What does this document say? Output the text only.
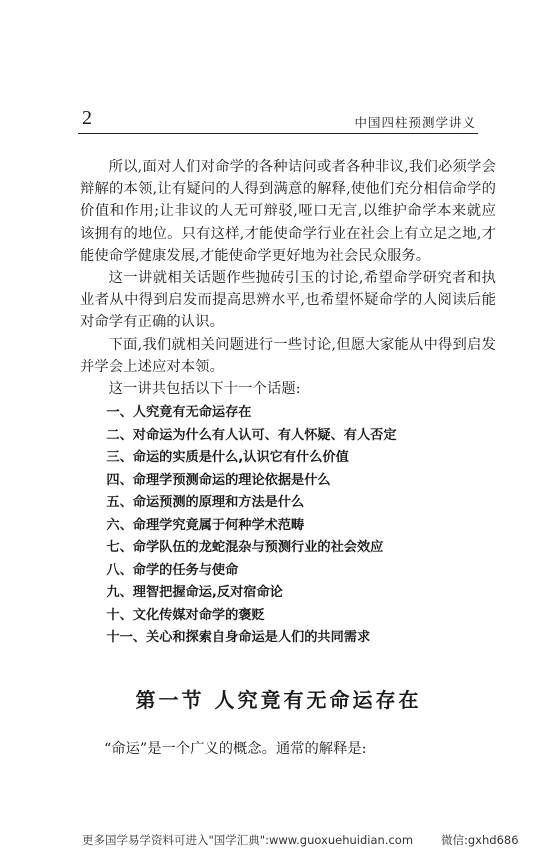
2	中国四柱预测学讲义

所以,面对人们对命学的各种诘问或者各种非议,我们必须学会辩解的本领,让有疑问的人得到满意的解释,使他们充分相信命学的价值和作用;让非议的人无可辩驳,哑口无言,以维护命学本来就应该拥有的地位。只有这样,才能使命学行业在社会上有立足之地,才能使命学健康发展,才能使命学更好地为社会民众服务。

这一讲就相关话题作些抛砖引玉的讨论,希望命学研究者和执业者从中得到启发而提高思辨水平,也希望怀疑命学的人阅读后能对命学有正确的认识。

下面,我们就相关问题进行一些讨论,但愿大家能从中得到启发并学会上述应对本领。

这一讲共包括以下十一个话题:

一、人究竟有无命运存在
二、对命运为什么有人认可、有人怀疑、有人否定
三、命运的实质是什么,认识它有什么价值
四、命理学预测命运的理论依据是什么
五、命运预测的原理和方法是什么
六、命理学究竟属于何种学术范畴
七、命学队伍的龙蛇混杂与预测行业的社会效应
八、命学的任务与使命
九、理智把握命运,反对宿命论
十、文化传媒对命学的褒贬
十一、关心和探索自身命运是人们的共同需求
第一节 人究竟有无命运存在
“命运”是一个广义的概念。通常的解释是:
更多国学易学资料可进入"国学汇典":www.guoxuehuidian.com 微信:gxhd686
